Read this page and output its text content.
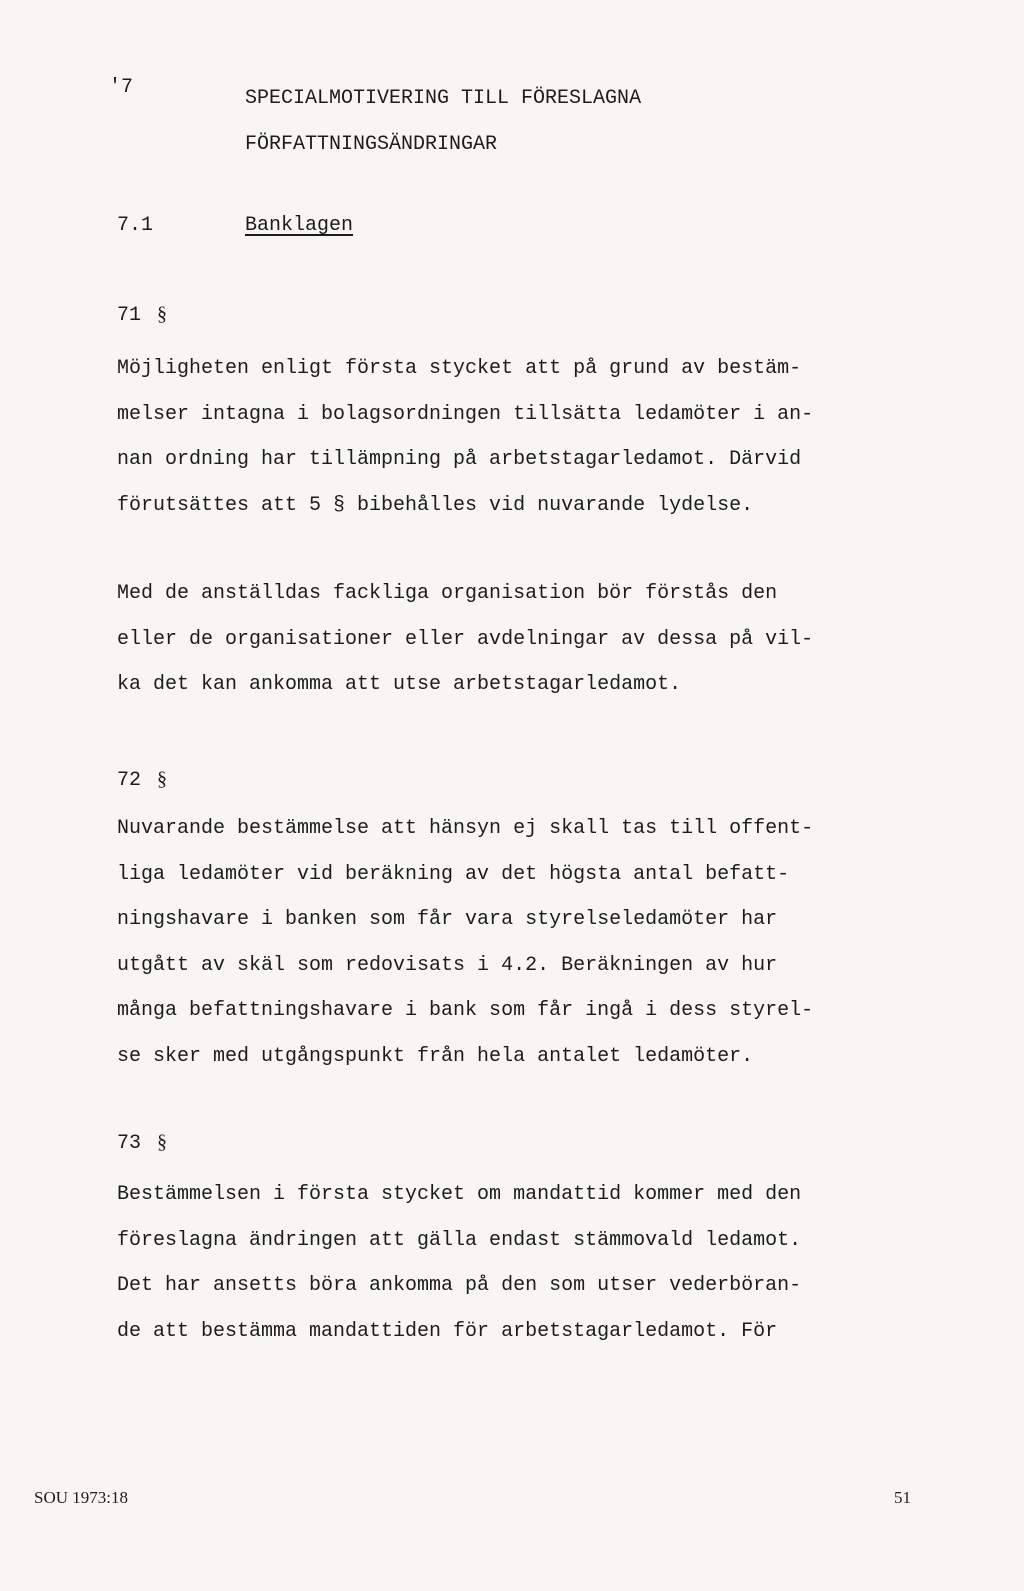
'7	SPECIALMOTIVERING TILL FÖRESLAGNA
FÖRFATTNINGSÄNDRINGAR
7.1	Banklagen
71 §
Möjligheten enligt första stycket att på grund av bestäm-
melser intagna i bolagsordningen tillsätta ledamöter i an-
nan ordning har tillämpning på arbetstagarledamot. Därvid
förutsättes att 5 § bibehålles vid nuvarande lydelse.
Med de anställdas fackliga organisation bör förstås den
eller de organisationer eller avdelningar av dessa på vil-
ka det kan ankomma att utse arbetstagarledamot.
72 §
Nuvarande bestämmelse att hänsyn ej skall tas till offent-
liga ledamöter vid beräkning av det högsta antal befatt-
ningshavare i banken som får vara styrelseledamöter har
utgått av skäl som redovisats i 4.2. Beräkningen av hur
många befattningshavare i bank som får ingå i dess styrel-
se sker med utgångspunkt från hela antalet ledamöter.
73 §
Bestämmelsen i första stycket om mandattid kommer med den
föreslagna ändringen att gälla endast stämmovald ledamot.
Det har ansetts böra ankomma på den som utser vederböran-
de att bestämma mandattiden för arbetstagarledamot. För
SOU 1973:18	51
